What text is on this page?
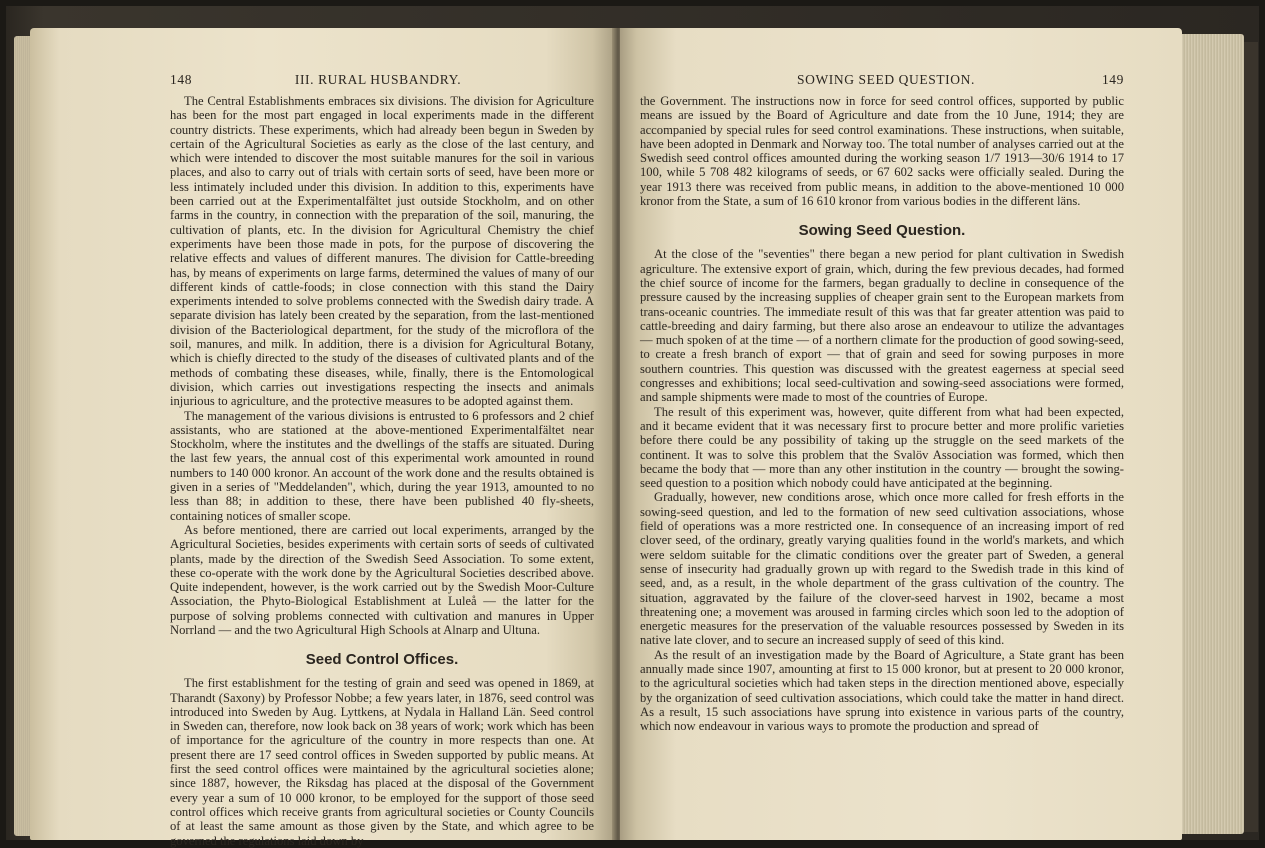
148	III. RURAL HUSBANDRY.

The Central Establishments embraces six divisions. The division for Agriculture has been for the most part engaged in local experiments made in the different country districts. These experiments, which had already been begun in Sweden by certain of the Agricultural Societies as early as the close of the last century, and which were intended to discover the most suitable manures for the soil in various places, and also to carry out of trials with certain sorts of seed, have been more or less intimately included under this division. In addition to this, experiments have been carried out at the Experimentalfältet just outside Stockholm, and on other farms in the country, in connection with the preparation of the soil, manuring, the cultivation of plants, etc. In the division for Agricultural Chemistry the chief experiments have been those made in pots, for the purpose of discovering the relative effects and values of different manures. The division for Cattle-breeding has, by means of experiments on large farms, determined the values of many of our different kinds of cattle-foods; in close connection with this stand the Dairy experiments intended to solve problems connected with the Swedish dairy trade. A separate division has lately been created by the separation, from the last-mentioned division of the Bacteriological department, for the study of the microflora of the soil, manures, and milk. In addition, there is a division for Agricultural Botany, which is chiefly directed to the study of the diseases of cultivated plants and of the methods of combating these diseases, while, finally, there is the Entomological division, which carries out investigations respecting the insects and animals injurious to agriculture, and the protective measures to be adopted against them.

The management of the various divisions is entrusted to 6 professors and 2 chief assistants, who are stationed at the above-mentioned Experimentalfältet near Stockholm, where the institutes and the dwellings of the staffs are situated. During the last few years, the annual cost of this experimental work amounted in round numbers to 140 000 kronor. An account of the work done and the results obtained is given in a series of "Meddelanden", which, during the year 1913, amounted to no less than 88; in addition to these, there have been published 40 fly-sheets, containing notices of smaller scope.

As before mentioned, there are carried out local experiments, arranged by the Agricultural Societies, besides experiments with certain sorts of seeds of cultivated plants, made by the direction of the Swedish Seed Association. To some extent, these co-operate with the work done by the Agricultural Societies described above. Quite independent, however, is the work carried out by the Swedish Moor-Culture Association, the Phyto-Biological Establishment at Luleå — the latter for the purpose of solving problems connected with cultivation and manures in Upper Norrland — and the two Agricultural High Schools at Alnarp and Ultuna.

Seed Control Offices.

The first establishment for the testing of grain and seed was opened in 1869, at Tharandt (Saxony) by Professor Nobbe; a few years later, in 1876, seed control was introduced into Sweden by Aug. Lyttkens, at Nydala in Halland Län. Seed control in Sweden can, therefore, now look back on 38 years of work; work which has been of importance for the agriculture of the country in more respects than one. At present there are 17 seed control offices in Sweden supported by public means. At first the seed control offices were maintained by the agricultural societies alone; since 1887, however, the Riksdag has placed at the disposal of the Government every year a sum of 10 000 kronor, to be employed for the support of those seed control offices which receive grants from agricultural societies or County Councils of at least the same amount as those given by the State, and which agree to be governed the regulations laid down by

SOWING SEED QUESTION.	149

the Government. The instructions now in force for seed control offices, supported by public means are issued by the Board of Agriculture and date from the 10 June, 1914; they are accompanied by special rules for seed control examinations. These instructions, when suitable, have been adopted in Denmark and Norway too. The total number of analyses carried out at the Swedish seed control offices amounted during the working season 1/7 1913—30/6 1914 to 17 100, while 5 708 482 kilograms of seeds, or 67 602 sacks were officially sealed. During the year 1913 there was received from public means, in addition to the above-mentioned 10 000 kronor from the State, a sum of 16 610 kronor from various bodies in the different läns.

Sowing Seed Question.

At the close of the "seventies" there began a new period for plant cultivation in Swedish agriculture. The extensive export of grain, which, during the few previous decades, had formed the chief source of income for the farmers, began gradually to decline in consequence of the pressure caused by the increasing supplies of cheaper grain sent to the European markets from trans-oceanic countries. The immediate result of this was that far greater attention was paid to cattle-breeding and dairy farming, but there also arose an endeavour to utilize the advantages — much spoken of at the time — of a northern climate for the production of good sowing-seed, to create a fresh branch of export — that of grain and seed for sowing purposes in more southern countries. This question was discussed with the greatest eagerness at special seed congresses and exhibitions; local seed-cultivation and sowing-seed associations were formed, and sample shipments were made to most of the countries of Europe.

The result of this experiment was, however, quite different from what had been expected, and it became evident that it was necessary first to procure better and more prolific varieties before there could be any possibility of taking up the struggle on the seed markets of the continent. It was to solve this problem that the Svalöv Association was formed, which then became the body that — more than any other institution in the country — brought the sowing-seed question to a position which nobody could have anticipated at the beginning.

Gradually, however, new conditions arose, which once more called for fresh efforts in the sowing-seed question, and led to the formation of new seed cultivation associations, whose field of operations was a more restricted one. In consequence of an increasing import of red clover seed, of the ordinary, greatly varying qualities found in the world's markets, and which were seldom suitable for the climatic conditions over the greater part of Sweden, a general sense of insecurity had gradually grown up with regard to the Swedish trade in this kind of seed, and, as a result, in the whole department of the grass cultivation of the country. The situation, aggravated by the failure of the clover-seed harvest in 1902, became a most threatening one; a movement was aroused in farming circles which soon led to the adoption of energetic measures for the preservation of the valuable resources possessed by Sweden in its native late clover, and to secure an increased supply of seed of this kind.

As the result of an investigation made by the Board of Agriculture, a State grant has been annually made since 1907, amounting at first to 15 000 kronor, but at present to 20 000 kronor, to the agricultural societies which had taken steps in the direction mentioned above, especially by the organization of seed cultivation associations, which could take the matter in hand direct. As a result, 15 such associations have sprung into existence in various parts of the country, which now endeavour in various ways to promote the production and spread of
